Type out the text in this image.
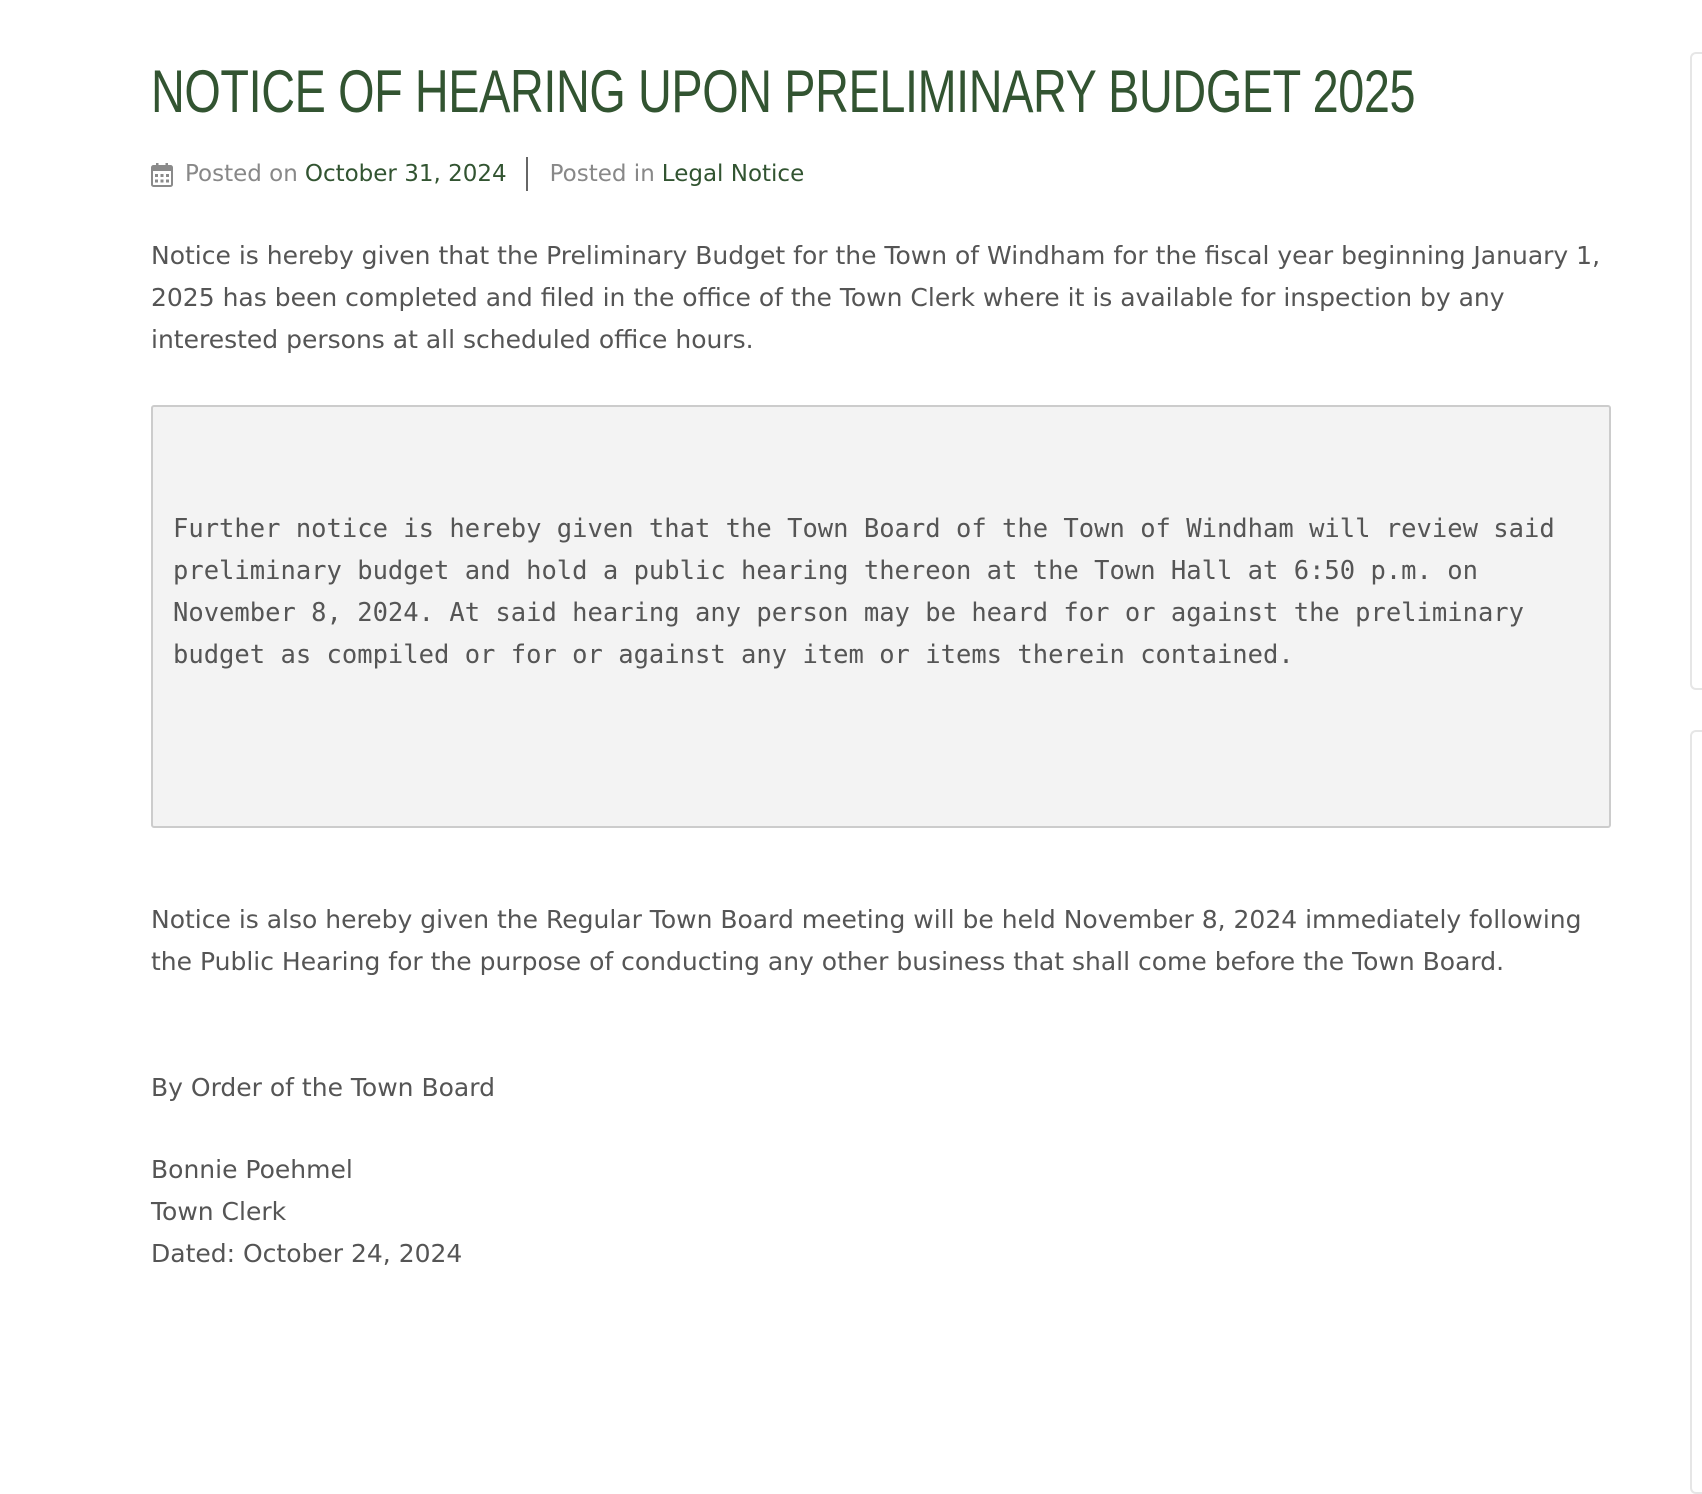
NOTICE OF HEARING UPON PRELIMINARY BUDGET 2025
Posted on October 31, 2024 Posted in Legal Notice

Notice is hereby given that the Preliminary Budget for the Town of Windham for the fiscal year beginning January 1, 2025 has been completed and filed in the office of the Town Clerk where it is available for inspection by any interested persons at all scheduled office hours.

Further notice is hereby given that the Town Board of the Town of Windham will review said preliminary budget and hold a public hearing thereon at the Town Hall at 6:50 p.m. on November 8, 2024. At said hearing any person may be heard for or against the preliminary budget as compiled or for or against any item or items therein contained.

Notice is also hereby given the Regular Town Board meeting will be held November 8, 2024 immediately following the Public Hearing for the purpose of conducting any other business that shall come before the Town Board.

By Order of the Town Board

Bonnie Poehmel
Town Clerk
Dated: October 24, 2024
